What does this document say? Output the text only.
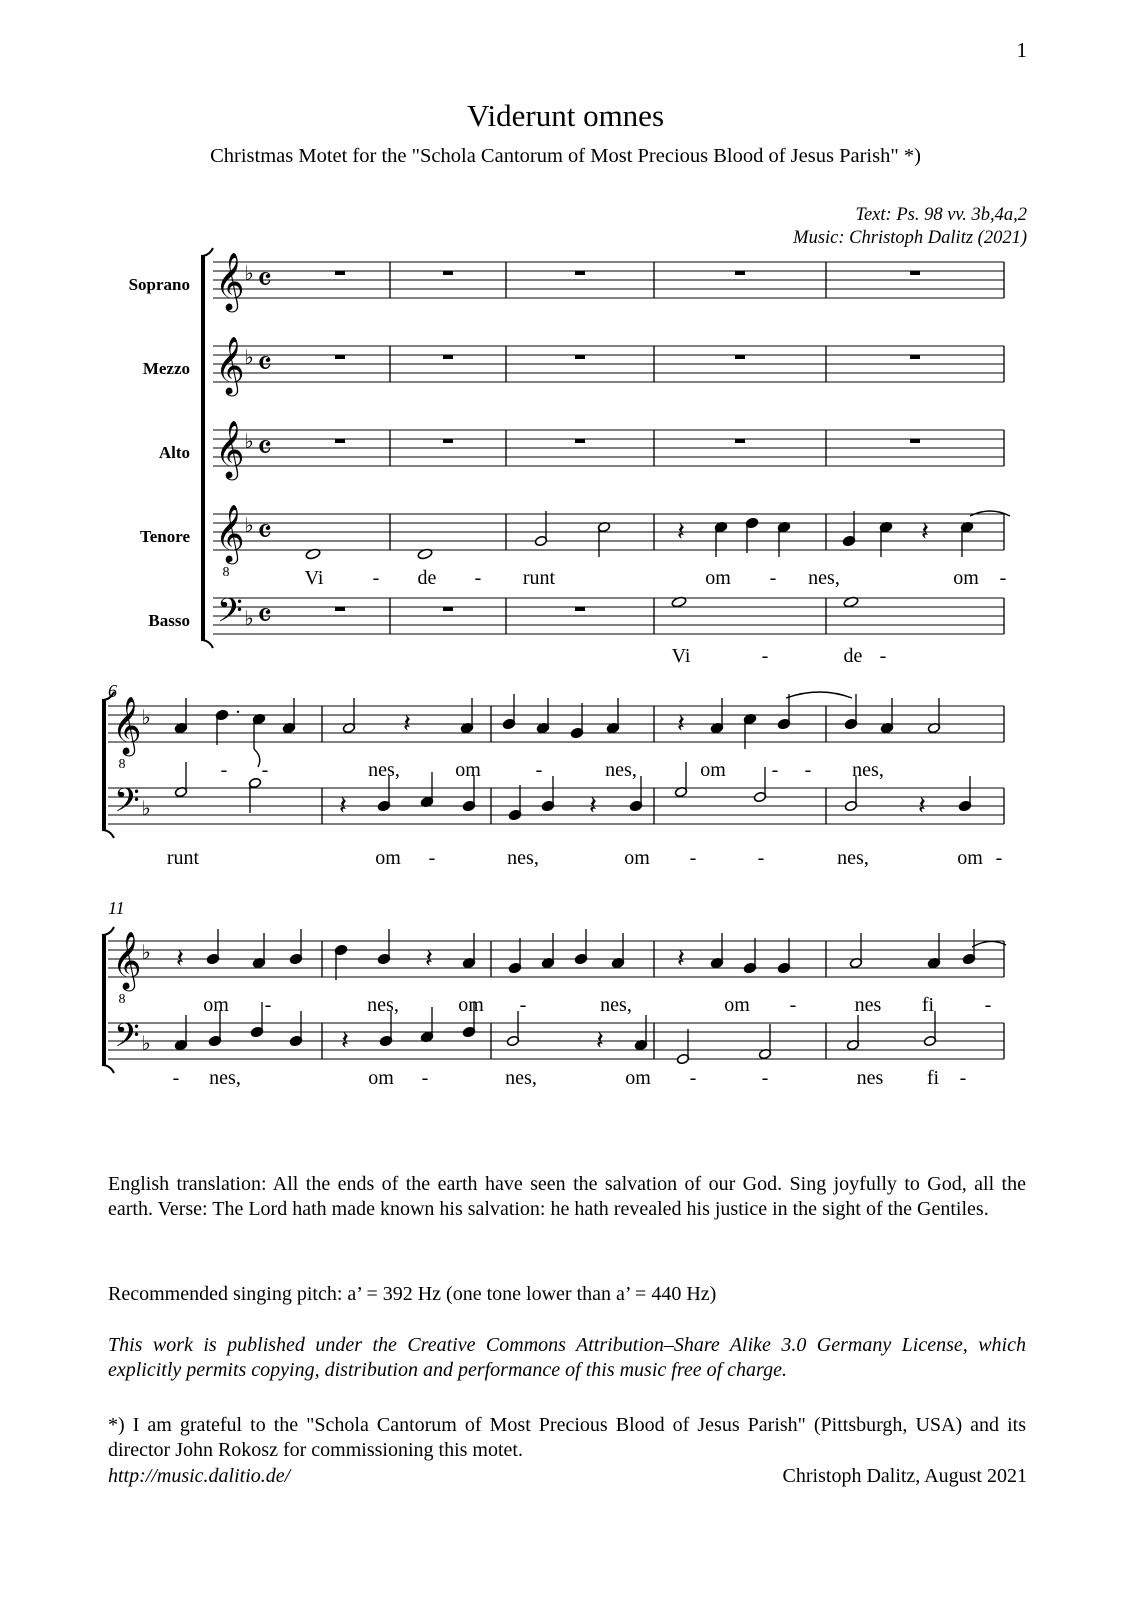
1
Viderunt omnes
Christmas Motet for the "Schola Cantorum of Most Precious Blood of Jesus Parish" *)
Text: Ps. 98 vv. 3b,4a,2
Music: Christoph Dalitz (2021)
Soprano 𝄞 ♭ 𝄴
Mezzo 𝄞 ♭ 𝄴
Alto 𝄞 ♭ 𝄴
Tenore 𝄞 ♭ 𝄴
Basso 𝄢 ♭ 𝄴
𝄽	𝄽
8	Vi - de - runt	om - nes,	om -
Vi	-	de -
6
𝄞 ♭
𝄢 ♭
8
.
𝄽	𝄽
𝄽	𝄽	𝄽
- -	nes,	om	-	nes,	om - - nes,
runt	om -	nes,	om -	-	nes,	om -
11
𝄞 ♭
𝄢 ♭
8
𝄽	𝄽	𝄽
𝄽	𝄽
om -	nes,	om -	nes,	om -	nes fi	-
- nes,	om -	nes,	om -	-	nes fi -
English translation: All the ends of the earth have seen the salvation of our God. Sing joyfully to God, all the earth. Verse: The Lord hath made known his salvation: he hath revealed his justice in the sight of the Gentiles.
Recommended singing pitch: a’ = 392 Hz (one tone lower than a’ = 440 Hz)
This work is published under the Creative Commons Attribution–Share Alike 3.0 Germany License, which explicitly permits copying, distribution and performance of this music free of charge.
*) I am grateful to the "Schola Cantorum of Most Precious Blood of Jesus Parish" (Pittsburgh, USA) and its director John Rokosz for commissioning this motet.
http://music.dalitio.de/	Christoph Dalitz, August 2021
